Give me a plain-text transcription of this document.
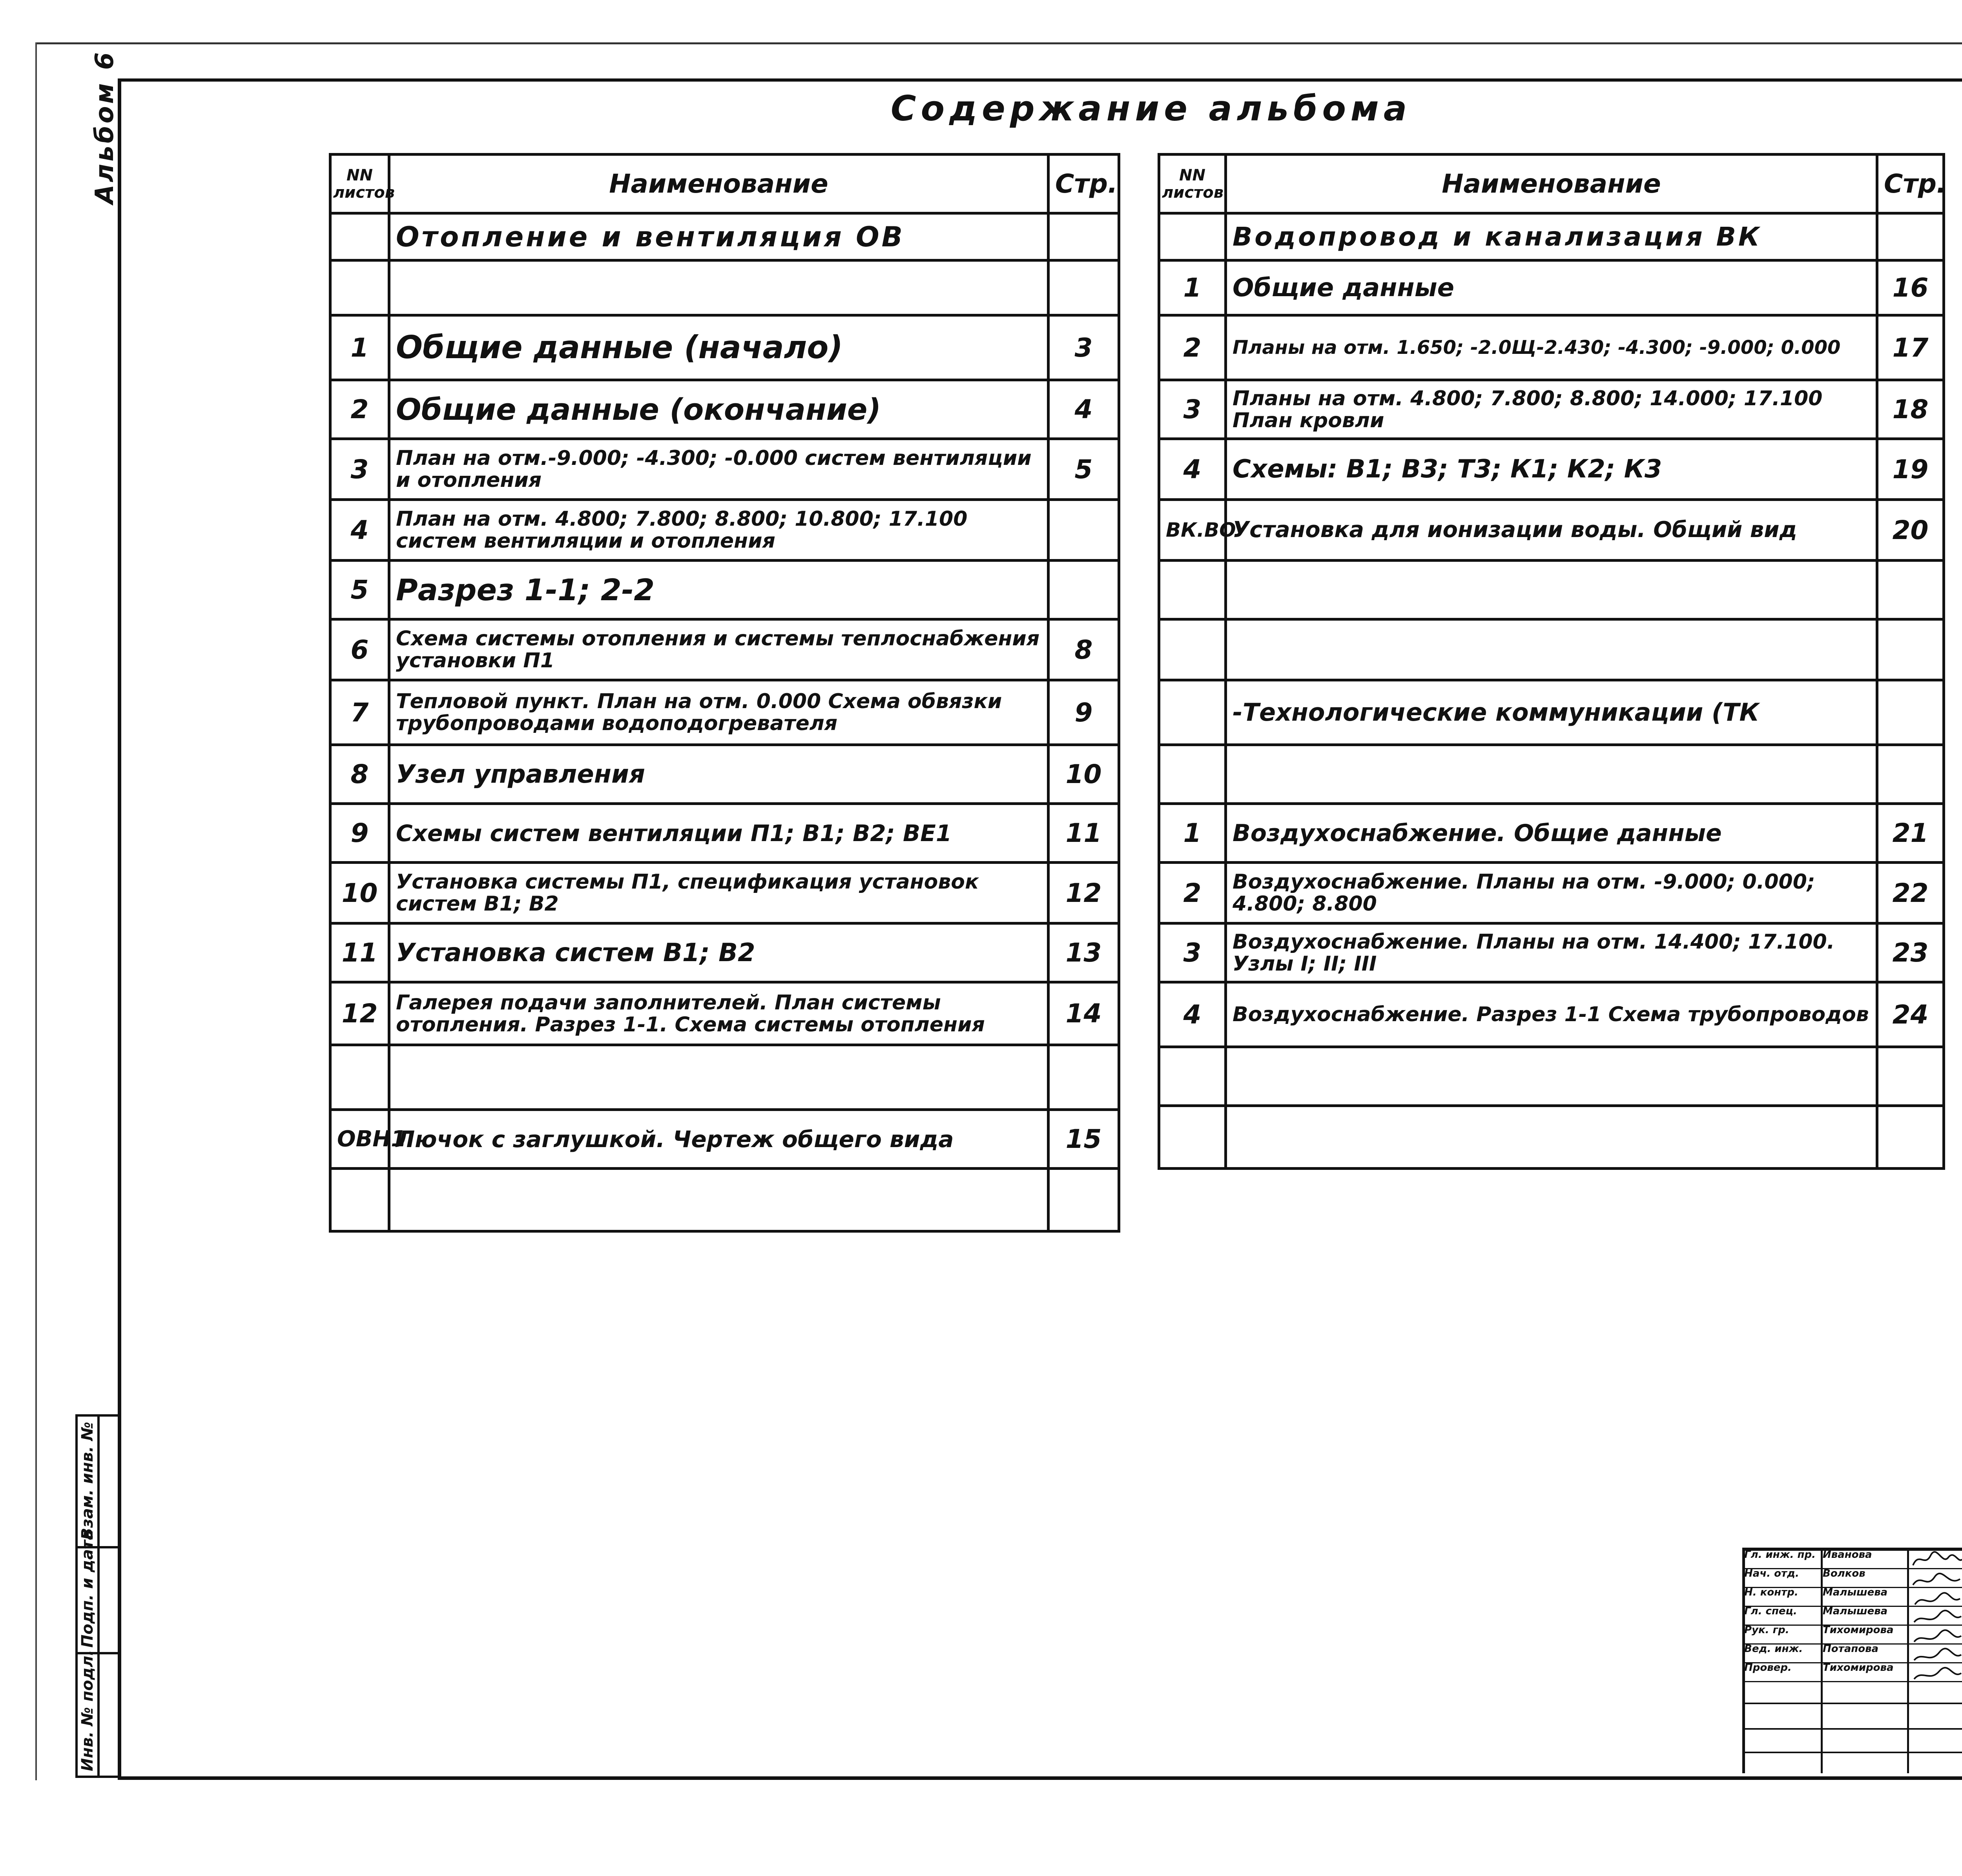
Содержание альбома
Альбом 6	NN листов	Наименование	Стр.
	Отопление и вентиляция ОВ	

1	Общие данные (начало)	3
2	Общие данные (окончание)	4
3	План на отм.-9.000; -4.300; -0.000 систем вентиляции и отопления	5
4	План на отм. 4.800; 7.800; 8.800; 10.800; 17.100 систем вентиляции и отопления	
5	Разрез 1-1; 2-2	
6	Схема системы отопления и системы теплоснабжения установки П1	8
7	Тепловой пункт. План на отм. 0.000 Схема обвязки трубопроводами водоподогревателя	9
8	Узел управления	10
9	Схемы систем вентиляции П1; В1; В2; ВЕ1	11
10	Установка системы П1, спецификация установок систем В1; В2	12
11	Установка систем В1; В2	13
12	Галерея подачи заполнителей. План системы отопления. Разрез 1-1. Схема системы отопления	14

ОВН1	Лючок с заглушкой. Чертеж общего вида	15

NN листов	Наименование	Стр.
	Водопровод и канализация ВК	
1	Общие данные	16
2	Планы на отм. 1.650; -2.0Щ-2.430; -4.300; -9.000; 0.000	17
3	Планы на отм. 4.800; 7.800; 8.800; 14.000; 17.100 План кровли	18
4	Схемы: В1; В3; Т3; К1; К2; К3	19
ВК.ВО	Установка для ионизации воды. Общий вид	20

	-Технологические коммуникации (ТК	

1	Воздухоснабжение. Общие данные	21
2	Воздухоснабжение. Планы на отм. -9.000; 0.000; 4.800; 8.800	22
3	Воздухоснабжение. Планы на отм. 14.400; 17.100. Узлы I; II; III	23
4	Воздухоснабжение. Разрез 1-1 Схема трубопроводов	24

Инв. № подл.
Подп. и дата
Взам. инв. №
Гл. инж. пр. Иванова
Нач. отд. Волков
Н. контр. Малышева
Гл. спец.	Малышева
Рук. гр.	Тихомирова
Вед. инж. Потапова
Провер.	Тихомирова
